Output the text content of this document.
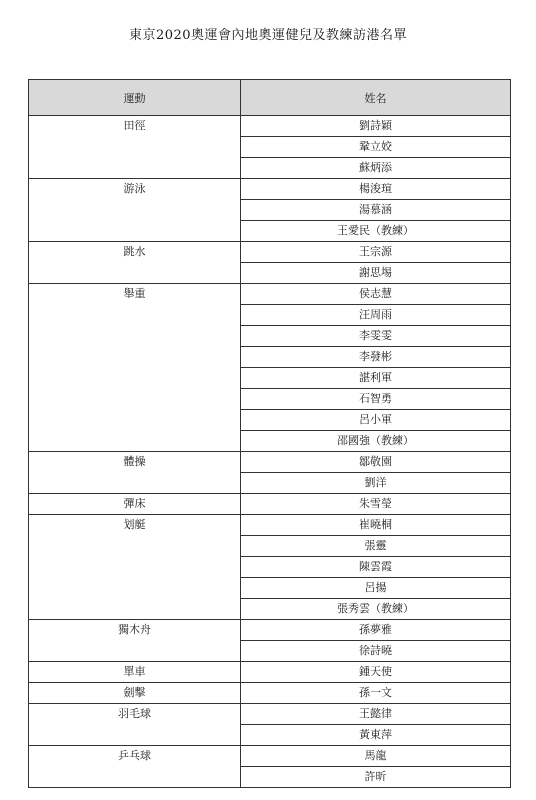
東京2020奧運會內地奧運健兒及教練訪港名單
運動	姓名
田徑	劉詩穎
	鞏立姣
	蘇炳添
游泳	楊浚瑄
	湯慕涵
	王愛民（教練）
跳水	王宗源
	謝思埸
舉重	侯志慧
	汪周雨
	李雯雯
	李發彬
	諶利軍
	石智勇
	呂小軍
	邵國強（教練）
體操	鄒敬園
	劉洋
彈床	朱雪瑩
划艇	崔曉桐
	張靈
	陳雲霞
	呂揚
	張秀雲（教練）
獨木舟	孫夢雅
	徐詩曉
單車	鍾天使
劍擊	孫一文
羽毛球	王懿律
	黃東萍
乒乓球	馬龍
	許昕
